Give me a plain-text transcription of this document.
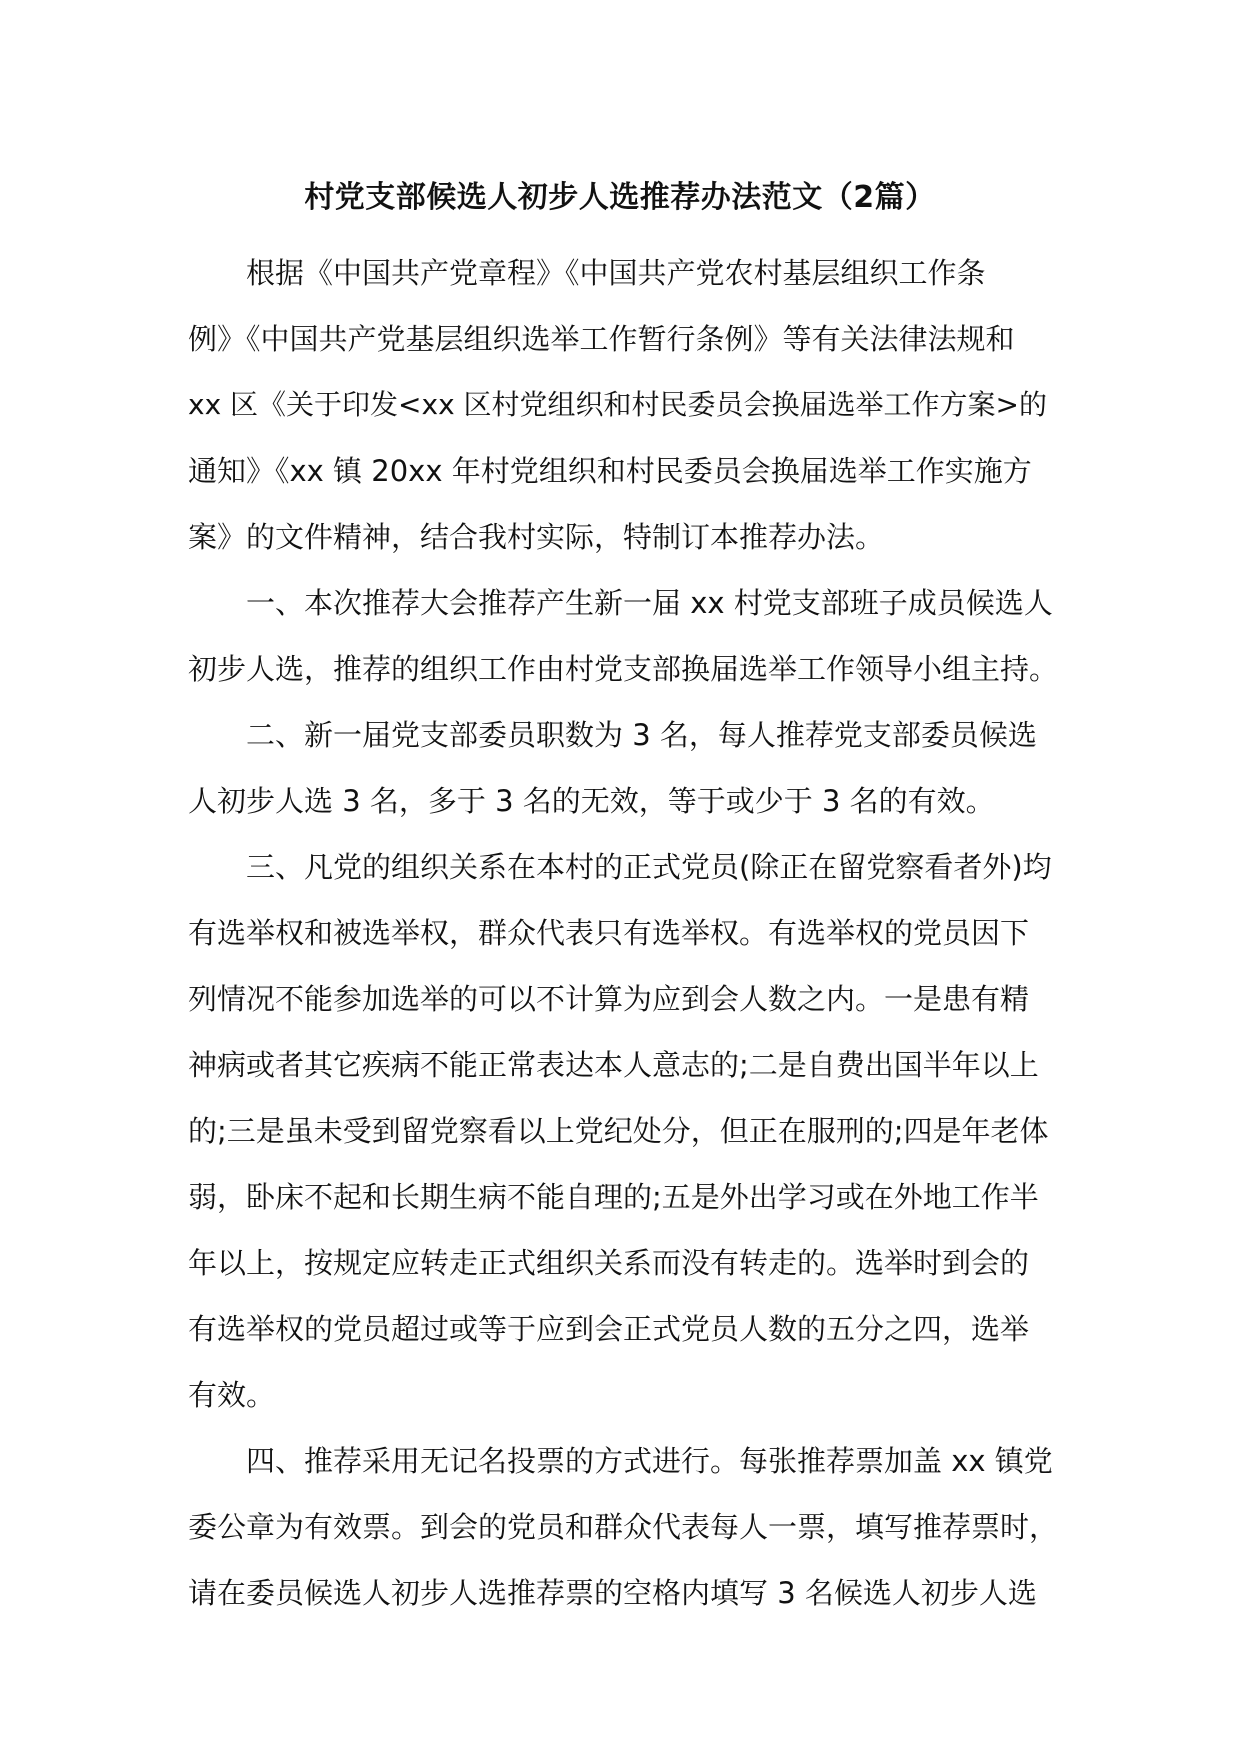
村党支部候选人初步人选推荐办法范文（2篇）
根据《中国共产党章程》《中国共产党农村基层组织工作条
例》《中国共产党基层组织选举工作暂行条例》等有关法律法规和
xx 区《关于印发<xx 区村党组织和村民委员会换届选举工作方案>的
通知》《xx 镇 20xx 年村党组织和村民委员会换届选举工作实施方
案》的文件精神，结合我村实际，特制订本推荐办法。
一、本次推荐大会推荐产生新一届 xx 村党支部班子成员候选人
初步人选，推荐的组织工作由村党支部换届选举工作领导小组主持。
二、新一届党支部委员职数为 3 名，每人推荐党支部委员候选
人初步人选 3 名，多于 3 名的无效，等于或少于 3 名的有效。
三、凡党的组织关系在本村的正式党员(除正在留党察看者外)均
有选举权和被选举权，群众代表只有选举权。有选举权的党员因下
列情况不能参加选举的可以不计算为应到会人数之内。一是患有精
神病或者其它疾病不能正常表达本人意志的;二是自费出国半年以上
的;三是虽未受到留党察看以上党纪处分，但正在服刑的;四是年老体
弱，卧床不起和长期生病不能自理的;五是外出学习或在外地工作半
年以上，按规定应转走正式组织关系而没有转走的。选举时到会的
有选举权的党员超过或等于应到会正式党员人数的五分之四，选举
有效。
四、推荐采用无记名投票的方式进行。每张推荐票加盖 xx 镇党
委公章为有效票。到会的党员和群众代表每人一票，填写推荐票时，
请在委员候选人初步人选推荐票的空格内填写 3 名候选人初步人选
